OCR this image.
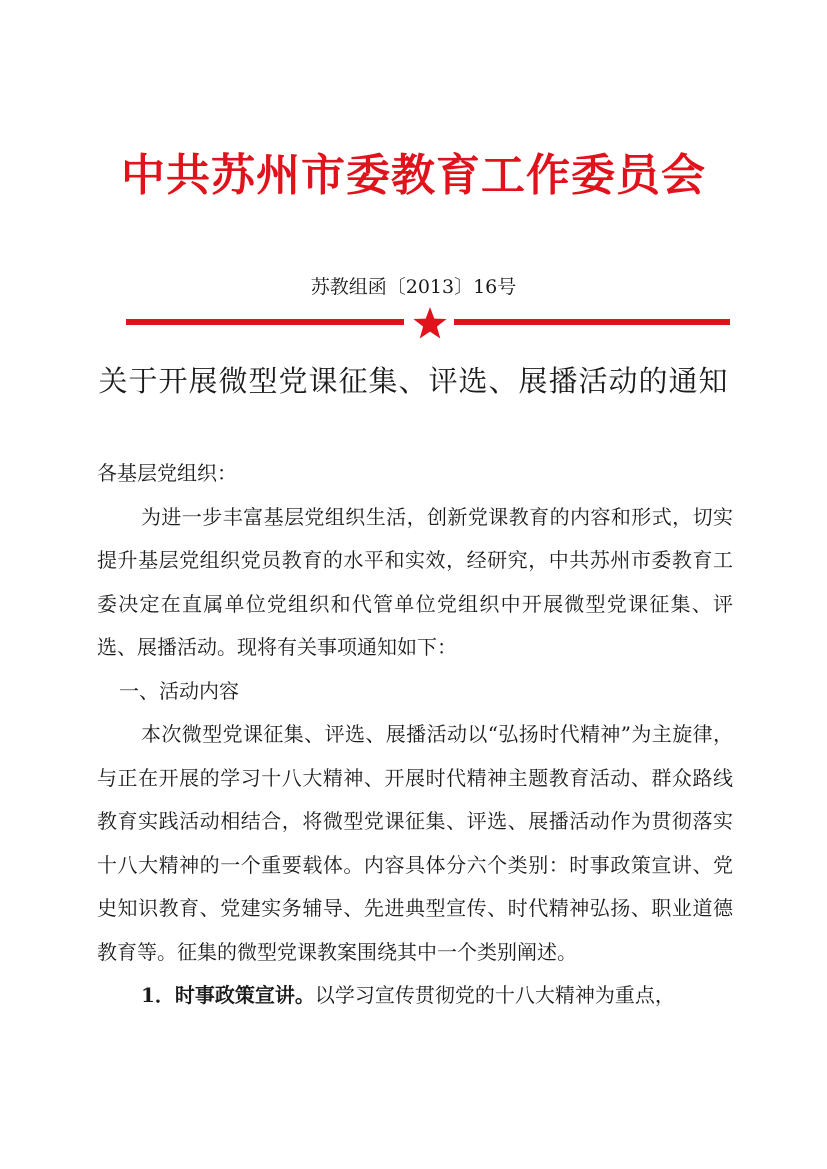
中共苏州市委教育工作委员会
苏教组函〔2013〕16号
关于开展微型党课征集、评选、展播活动的通知

各基层党组织：

为进一步丰富基层党组织生活，创新党课教育的内容和形式，切实提升基层党组织党员教育的水平和实效，经研究，中共苏州市委教育工委决定在直属单位党组织和代管单位党组织中开展微型党课征集、评选、展播活动。现将有关事项通知如下：

一、活动内容

本次微型党课征集、评选、展播活动以“弘扬时代精神”为主旋律，与正在开展的学习十八大精神、开展时代精神主题教育活动、群众路线教育实践活动相结合，将微型党课征集、评选、展播活动作为贯彻落实十八大精神的一个重要载体。内容具体分六个类别：时事政策宣讲、党史知识教育、党建实务辅导、先进典型宣传、时代精神弘扬、职业道德教育等。征集的微型党课教案围绕其中一个类别阐述。

1．时事政策宣讲。以学习宣传贯彻党的十八大精神为重点，
